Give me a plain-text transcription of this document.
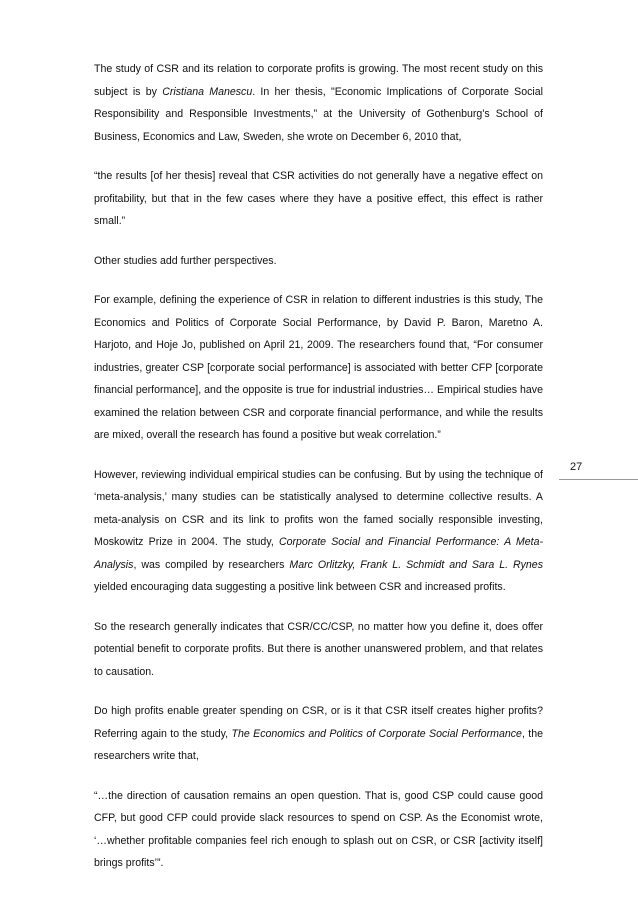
The study of CSR and its relation to corporate profits is growing. The most recent study on this subject is by Cristiana Manescu. In her thesis, "Economic Implications of Corporate Social Responsibility and Responsible Investments,” at the University of Gothenburg's School of Business, Economics and Law, Sweden, she wrote on December 6, 2010 that,

“the results [of her thesis] reveal that CSR activities do not generally have a negative effect on profitability, but that in the few cases where they have a positive effect, this effect is rather small.”

Other studies add further perspectives.

For example, defining the experience of CSR in relation to different industries is this study, The Economics and Politics of Corporate Social Performance, by David P. Baron, Maretno A. Harjoto, and Hoje Jo, published on April 21, 2009. The researchers found that, “For consumer industries, greater CSP [corporate social performance] is associated with better CFP [corporate financial performance], and the opposite is true for industrial industries… Empirical studies have examined the relation between CSR and corporate financial performance, and while the results are mixed, overall the research has found a positive but weak correlation.”

However, reviewing individual empirical studies can be confusing. But by using the technique of ‘meta-analysis,’ many studies can be statistically analysed to determine collective results. A meta-analysis on CSR and its link to profits won the famed socially responsible investing, Moskowitz Prize in 2004. The study, Corporate Social and Financial Performance: A Meta-Analysis, was compiled by researchers Marc Orlitzky, Frank L. Schmidt and Sara L. Rynes yielded encouraging data suggesting a positive link between CSR and increased profits.

So the research generally indicates that CSR/CC/CSP, no matter how you define it, does offer potential benefit to corporate profits. But there is another unanswered problem, and that relates to causation.

Do high profits enable greater spending on CSR, or is it that CSR itself creates higher profits? Referring again to the study, The Economics and Politics of Corporate Social Performance, the researchers write that,

“…the direction of causation remains an open question. That is, good CSP could cause good CFP, but good CFP could provide slack resources to spend on CSP. As the Economist wrote, ‘…whether profitable companies feel rich enough to splash out on CSR, or CSR [activity itself] brings profits’”.

27
